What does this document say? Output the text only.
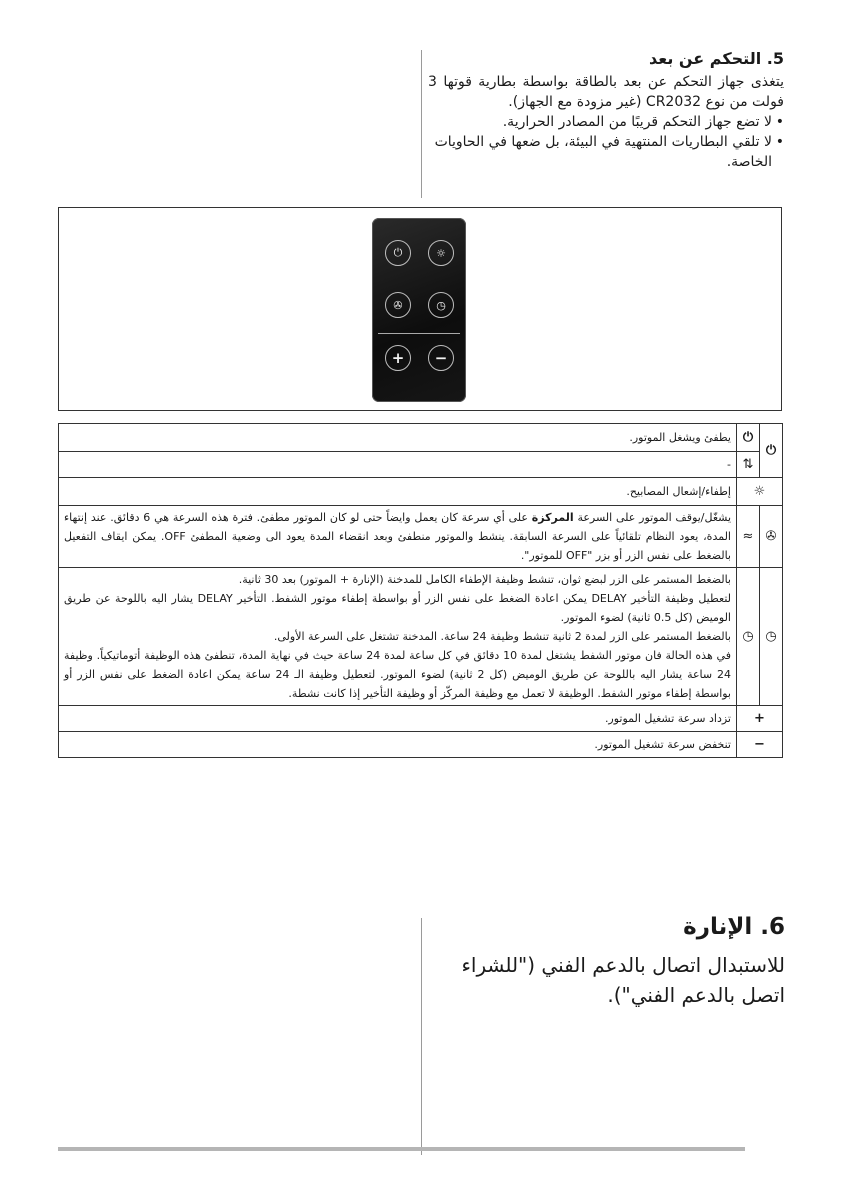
5. التحكم عن بعد

يتغذى جهاز التحكم عن بعد بالطاقة بواسطة بطارية قوتها 3 فولت من نوع CR2032 (غير مزودة مع الجهاز).

• لا تضع جهاز التحكم قريبًا من المصادر الحرارية.
• لا تلقي البطاريات المنتهية في البيئة، بل ضعها في الحاويات الخاصة.
⏻	☼
✇	◷
+ −
⏻	⏻	يطفئ ويشغل الموتور.
	⇅	-
☼		إطفاء/إشعال المصابيح.
✇	≈	يشغّل/يوقف الموتور على السرعة المركزة على أي سرعة كان يعمل وايضاً حتى لو كان الموتور مطفئ. فترة هذه السرعة هي 6 دقائق. عند إنتهاء المدة، يعود النظام تلقائياً على السرعة السابقة. ينشط والموتور منطفئ وبعد انقضاء المدة يعود الى وضعية المطفئ OFF. يمكن ايقاف التفعيل بالضغط على نفس الزر أو بزر "OFF للموتور".
◷	◷	بالضغط المستمر على الزر لبضع ثوان، تنشط وظيفة الإطفاء الكامل للمدخنة (الإنارة + الموتور) بعد 30 ثانية.
لتعطيل وظيفة التأخير DELAY يمكن اعادة الضغط على نفس الزر أو بواسطة إطفاء موتور الشفط. التأخير DELAY يشار اليه باللوحة عن طريق الوميض (كل 0.5 ثانية) لضوء الموتور.
بالضغط المستمر على الزر لمدة 2 ثانية تنشط وظيفة 24 ساعة. المدخنة تشتغل على السرعة الأولى.
في هذه الحالة فان موتور الشفط يشتغل لمدة 10 دقائق في كل ساعة لمدة 24 ساعة حيث في نهاية المدة، تنطفئ هذه الوظيفة أتوماتيكياً. وظيفة 24 ساعة يشار اليه باللوحة عن طريق الوميض (كل 2 ثانية) لضوء الموتور. لتعطيل وظيفة الـ 24 ساعة يمكن اعادة الضغط على نفس الزر أو بواسطة إطفاء موتور الشفط. الوظيفة لا تعمل مع وظيفة المركّز أو وظيفة التأخير إذا كانت نشطة.

+		تزداد سرعة تشغيل الموتور.
−		تنخفض سرعة تشغيل الموتور.
6. الإنارة

للاستبدال اتصال بالدعم الفني ("للشراء اتصل بالدعم الفني").
